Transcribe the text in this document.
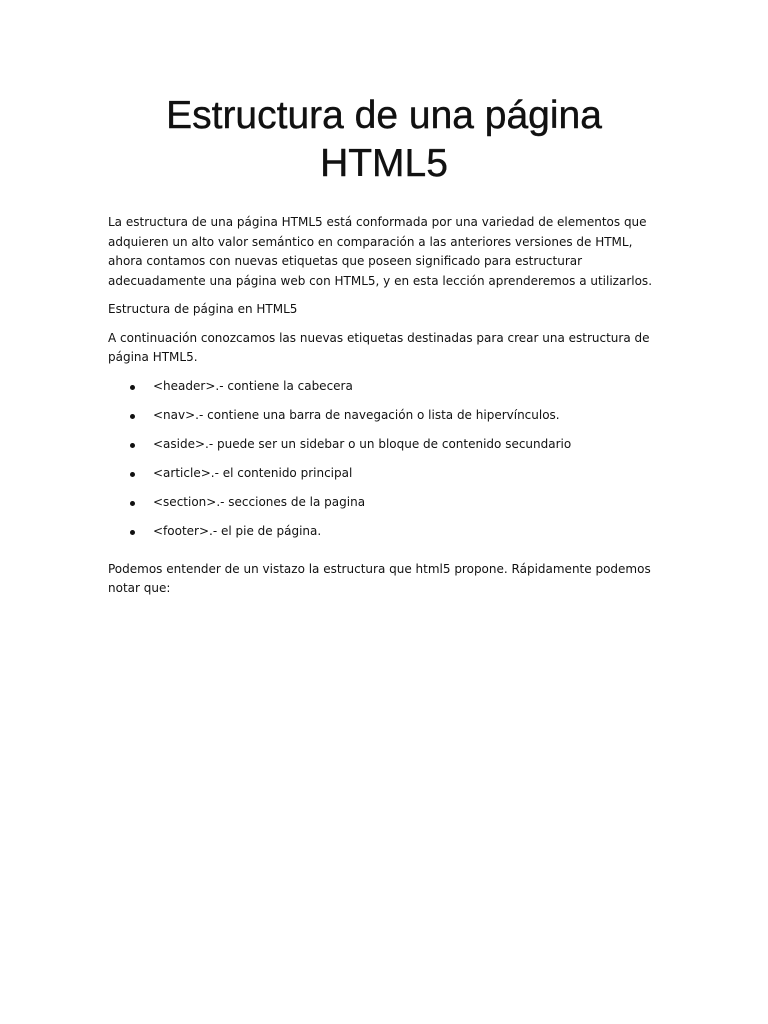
Estructura de una página HTML5

La estructura de una página HTML5 está conformada por una variedad de elementos que adquieren un alto valor semántico en comparación a las anteriores versiones de HTML, ahora contamos con nuevas etiquetas que poseen significado para estructurar adecuadamente una página web con HTML5, y en esta lección aprenderemos a utilizarlos.

Estructura de página en HTML5

A continuación conozcamos las nuevas etiquetas destinadas para crear una estructura de página HTML5.

<header>.- contiene la cabecera
<nav>.- contiene una barra de navegación o lista de hipervínculos.
<aside>.- puede ser un sidebar o un bloque de contenido secundario
<article>.- el contenido principal
<section>.- secciones de la pagina
<footer>.- el pie de página.

Podemos entender de un vistazo la estructura que html5 propone. Rápidamente podemos notar que:
